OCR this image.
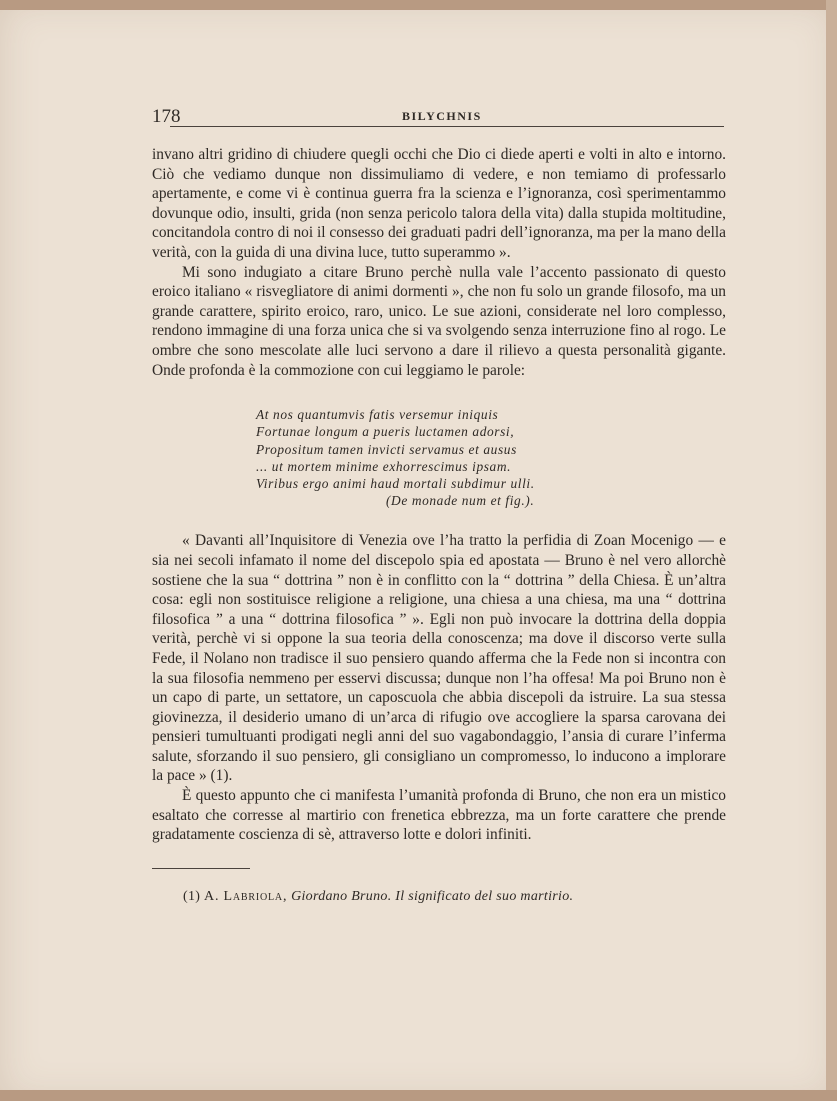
178	BILYCHNIS

invano altri gridino di chiudere quegli occhi che Dio ci diede aperti e volti in alto e intorno. Ciò che vediamo dunque non dissimuliamo di vedere, e non temiamo di professarlo apertamente, e come vi è continua guerra fra la scienza e l’ignoranza, così sperimentammo dovunque odio, insulti, grida (non senza pericolo talora della vita) dalla stupida moltitudine, concitandola contro di noi il consesso dei graduati padri dell’ignoranza, ma per la mano della verità, con la guida di una divina luce, tutto superammo ».

Mi sono indugiato a citare Bruno perchè nulla vale l’accento passionato di questo eroico italiano « risvegliatore di animi dormenti », che non fu solo un grande filosofo, ma un grande carattere, spirito eroico, raro, unico. Le sue azioni, considerate nel loro complesso, rendono immagine di una forza unica che si va svolgendo senza interruzione fino al rogo. Le ombre che sono mescolate alle luci servono a dare il rilievo a questa personalità gigante. Onde profonda è la commozione con cui leggiamo le parole:

At nos quantumvis fatis versemur iniquis
Fortunae longum a pueris luctamen adorsi,
Propositum tamen invicti servamus et ausus
... ut mortem minime exhorrescimus ipsam.
Viribus ergo animi haud mortali subdimur ulli.
(De monade num et fig.).

« Davanti all’Inquisitore di Venezia ove l’ha tratto la perfidia di Zoan Mocenigo — e sia nei secoli infamato il nome del discepolo spia ed apostata — Bruno è nel vero allorchè sostiene che la sua “ dottrina ” non è in conflitto con la “ dottrina ” della Chiesa. È un’altra cosa: egli non sostituisce religione a religione, una chiesa a una chiesa, ma una “ dottrina filosofica ” a una “ dottrina filosofica ” ». Egli non può invocare la dottrina della doppia verità, perchè vi si oppone la sua teoria della conoscenza; ma dove il discorso verte sulla Fede, il Nolano non tradisce il suo pensiero quando afferma che la Fede non si incontra con la sua filosofia nemmeno per esservi discussa; dunque non l’ha offesa! Ma poi Bruno non è un capo di parte, un settatore, un caposcuola che abbia discepoli da istruire. La sua stessa giovinezza, il desiderio umano di un’arca di rifugio ove accogliere la sparsa carovana dei pensieri tumultuanti prodigati negli anni del suo vagabondaggio, l’ansia di curare l’inferma salute, sforzando il suo pensiero, gli consigliano un compromesso, lo inducono a implorare la pace » (1).

È questo appunto che ci manifesta l’umanità profonda di Bruno, che non era un mistico esaltato che corresse al martirio con frenetica ebbrezza, ma un forte carattere che prende gradatamente coscienza di sè, attraverso lotte e dolori infiniti.

(1) A. Labriola, Giordano Bruno. Il significato del suo martirio.
